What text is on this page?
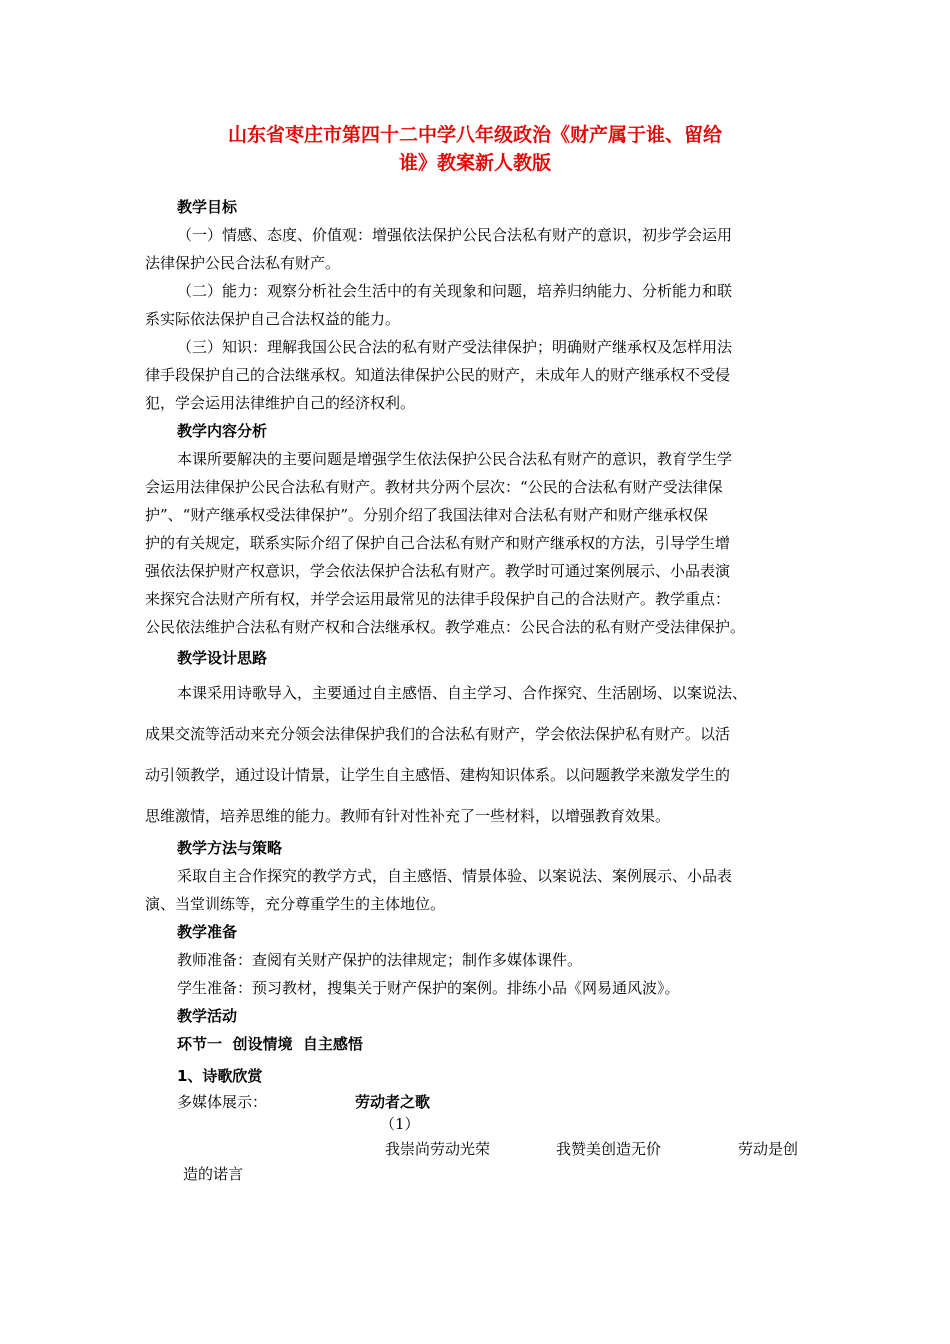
山东省枣庄市第四十二中学八年级政治《财产属于谁、留给
谁》教案新人教版
教学目标
（一）情感、态度、价值观：增强依法保护公民合法私有财产的意识，初步学会运用
法律保护公民合法私有财产。
（二）能力：观察分析社会生活中的有关现象和问题，培养归纳能力、分析能力和联
系实际依法保护自己合法权益的能力。
（三）知识：理解我国公民合法的私有财产受法律保护；明确财产继承权及怎样用法
律手段保护自己的合法继承权。知道法律保护公民的财产，未成年人的财产继承权不受侵
犯，学会运用法律维护自己的经济权利。
教学内容分析
本课所要解决的主要问题是增强学生依法保护公民合法私有财产的意识，教育学生学
会运用法律保护公民合法私有财产。教材共分两个层次：“公民的合法私有财产受法律保
护”、“财产继承权受法律保护”。分别介绍了我国法律对合法私有财产和财产继承权保
护的有关规定，联系实际介绍了保护自己合法私有财产和财产继承权的方法，引导学生增
强依法保护财产权意识，学会依法保护合法私有财产。教学时可通过案例展示、小品表演
来探究合法财产所有权，并学会运用最常见的法律手段保护自己的合法财产。教学重点：
公民依法维护合法私有财产权和合法继承权。教学难点：公民合法的私有财产受法律保护。
教学设计思路
本课采用诗歌导入，主要通过自主感悟、自主学习、合作探究、生活剧场、以案说法、
成果交流等活动来充分领会法律保护我们的合法私有财产，学会依法保护私有财产。以活
动引领教学，通过设计情景，让学生自主感悟、建构知识体系。以问题教学来激发学生的
思维激情，培养思维的能力。教师有针对性补充了一些材料，以增强教育效果。
教学方法与策略
采取自主合作探究的教学方式，自主感悟、情景体验、以案说法、案例展示、小品表
演、当堂训练等，充分尊重学生的主体地位。
教学准备
教师准备：查阅有关财产保护的法律规定；制作多媒体课件。
学生准备：预习教材，搜集关于财产保护的案例。排练小品《网易通风波》。
教学活动
环节一  创设情境  自主感悟
1、诗歌欣赏
多媒体展示：	劳动者之歌
（1）
我崇尚劳动光荣	我赞美创造无价	劳动是创
造的诺言
